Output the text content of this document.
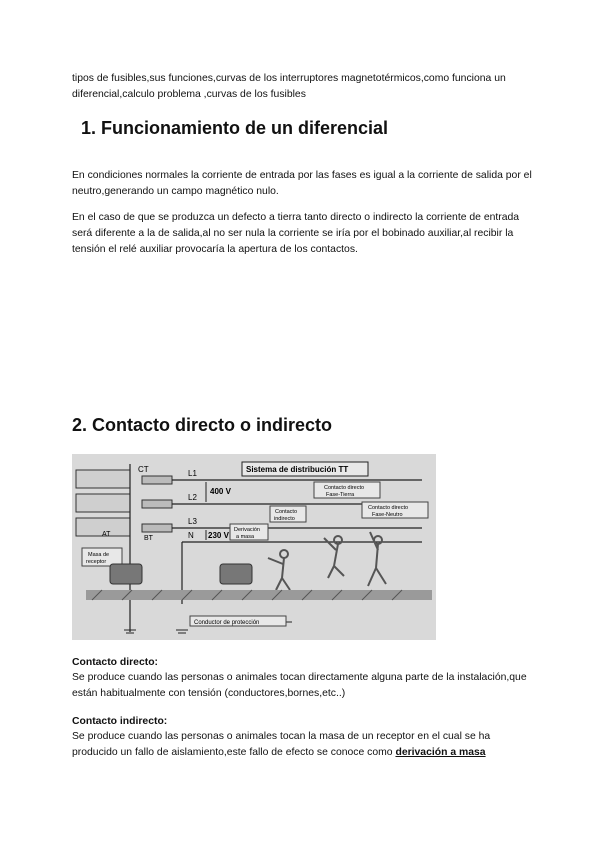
tipos de fusibles,sus funciones,curvas de los interruptores magnetotérmicos,como funciona un diferencial,calculo problema ,curvas de los fusibles
1. Funcionamiento de un diferencial
En condiciones normales la corriente de entrada por las fases es igual a la corriente de salida por el neutro,generando un campo magnético nulo.
En el caso de que se produzca un defecto a tierra tanto directo o indirecto la corriente de entrada será diferente a la de salida,al no ser nula la corriente se iría por el bobinado auxiliar,al recibir la tensión el relé auxiliar provocaría la apertura de los contactos.
2. Contacto directo o indirecto
AT
CT
BT
L1
L2
L3
N
Sistema de distribución TT
400 V
230 V
Contacto directo
Fase-Tierra
Contacto
indirecto
Contacto directo
Fase-Neutro
Derivación
a masa
Masa de
receptor
Conductor de protección
Contacto directo:
Se produce cuando las personas o animales tocan directamente alguna parte de la instalación,que están habitualmente con tensión (conductores,bornes,etc..)
Contacto indirecto:
Se produce cuando las personas o animales tocan la masa de un receptor en el cual se ha producido un fallo de aislamiento,este fallo de efecto se conoce como derivación a masa
